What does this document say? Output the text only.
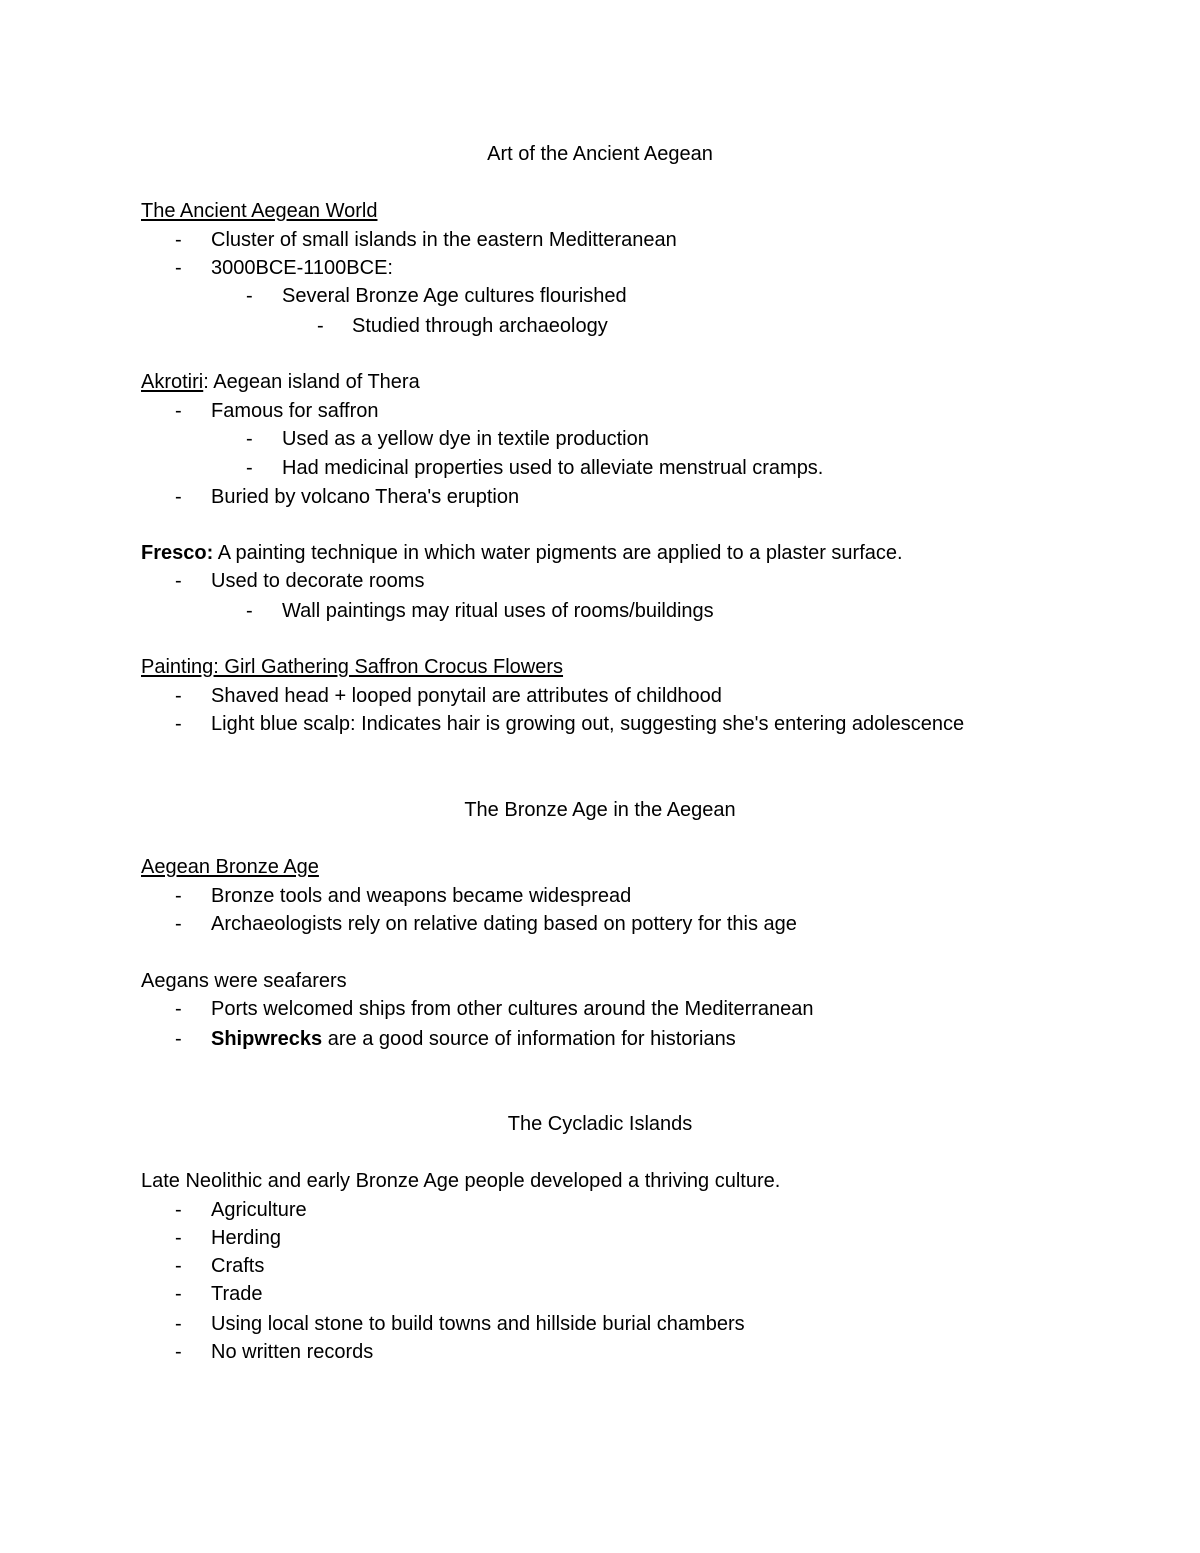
Art of the Ancient Aegean
The Ancient Aegean World
- Cluster of small islands in the eastern Meditteranean
- 3000BCE-1100BCE:
- Several Bronze Age cultures flourished
- Studied through archaeology
Akrotiri: Aegean island of Thera
- Famous for saffron
- Used as a yellow dye in textile production
- Had medicinal properties used to alleviate menstrual cramps.
- Buried by volcano Thera's eruption
Fresco: A painting technique in which water pigments are applied to a plaster surface.
- Used to decorate rooms
- Wall paintings may ritual uses of rooms/buildings
Painting: Girl Gathering Saffron Crocus Flowers
- Shaved head + looped ponytail are attributes of childhood
- Light blue scalp: Indicates hair is growing out, suggesting she's entering adolescence
The Bronze Age in the Aegean
Aegean Bronze Age
- Bronze tools and weapons became widespread
- Archaeologists rely on relative dating based on pottery for this age
Aegans were seafarers
- Ports welcomed ships from other cultures around the Mediterranean
- Shipwrecks are a good source of information for historians
The Cycladic Islands
Late Neolithic and early Bronze Age people developed a thriving culture.
- Agriculture
- Herding
- Crafts
- Trade
- Using local stone to build towns and hillside burial chambers
- No written records
